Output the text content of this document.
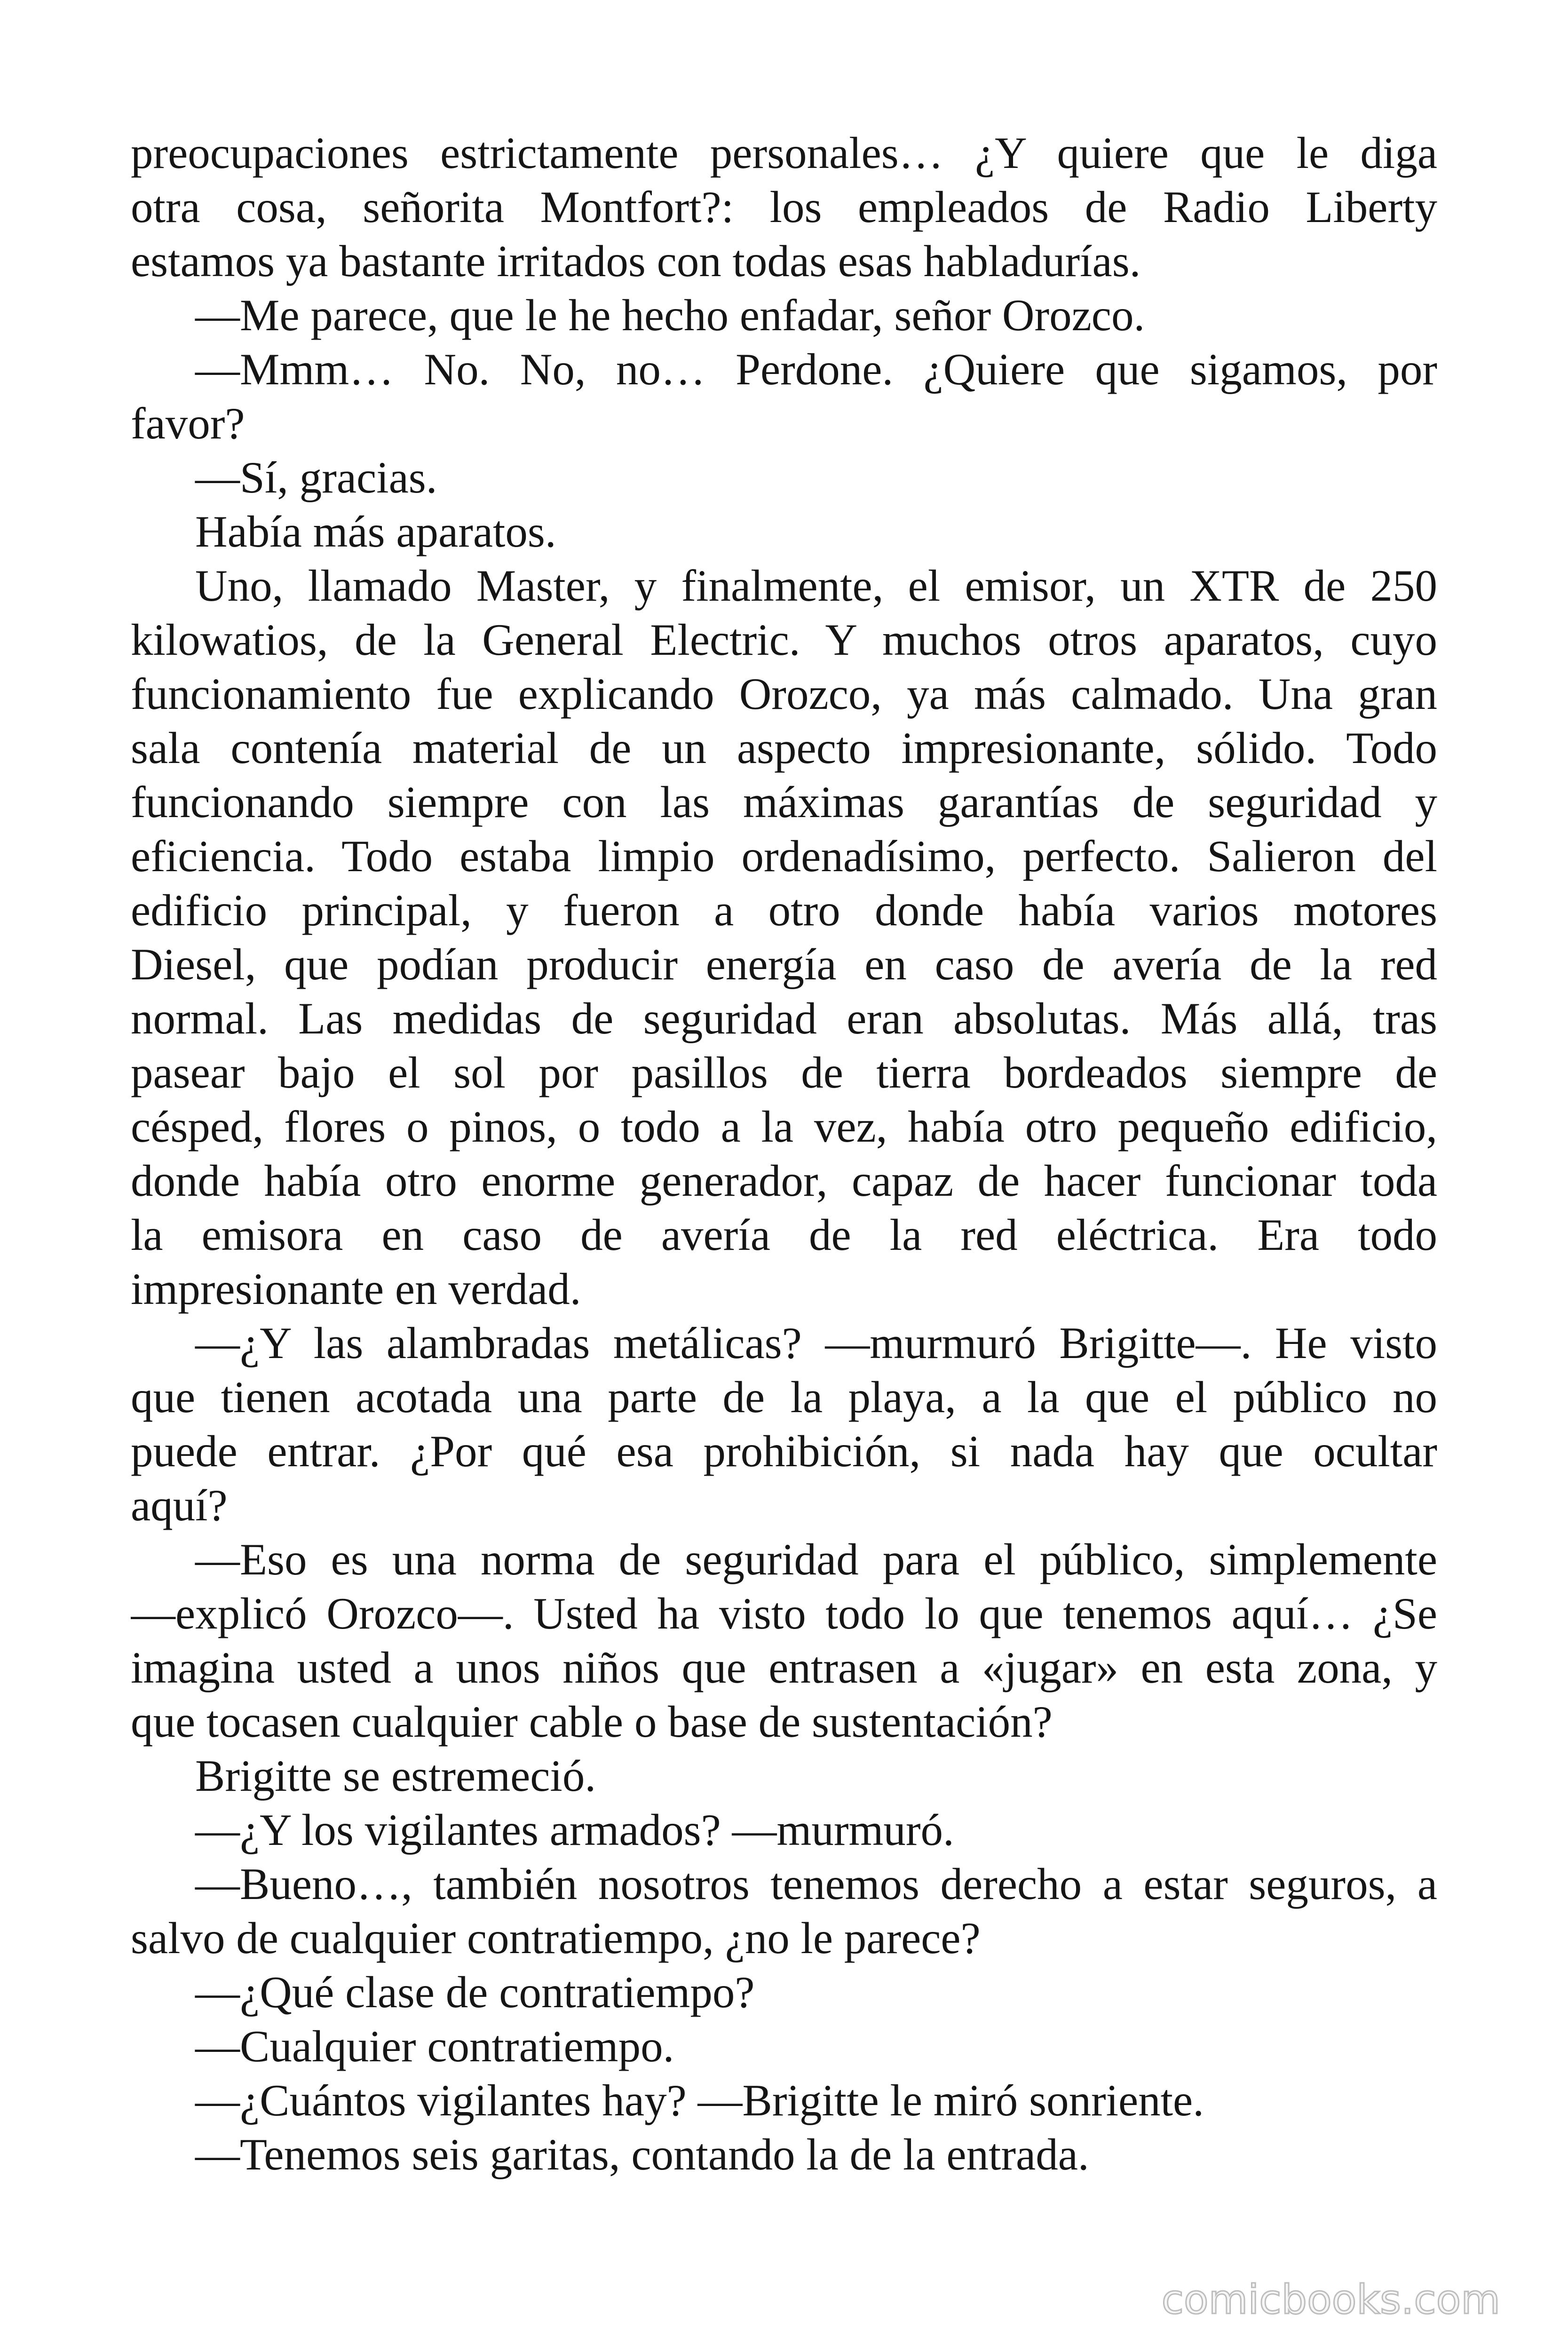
preocupaciones estrictamente personales… ¿Y quiere que le diga
otra cosa, señorita Montfort?: los empleados de Radio Liberty
estamos ya bastante irritados con todas esas habladurías.
—Me parece, que le he hecho enfadar, señor Orozco.
—Mmm… No. No, no… Perdone. ¿Quiere que sigamos, por
favor?
—Sí, gracias.
Había más aparatos.
Uno, llamado Master, y finalmente, el emisor, un XTR de 250
kilowatios, de la General Electric. Y muchos otros aparatos, cuyo
funcionamiento fue explicando Orozco, ya más calmado. Una gran
sala contenía material de un aspecto impresionante, sólido. Todo
funcionando siempre con las máximas garantías de seguridad y
eficiencia. Todo estaba limpio ordenadísimo, perfecto. Salieron del
edificio principal, y fueron a otro donde había varios motores
Diesel, que podían producir energía en caso de avería de la red
normal. Las medidas de seguridad eran absolutas. Más allá, tras
pasear bajo el sol por pasillos de tierra bordeados siempre de
césped, flores o pinos, o todo a la vez, había otro pequeño edificio,
donde había otro enorme generador, capaz de hacer funcionar toda
la emisora en caso de avería de la red eléctrica. Era todo
impresionante en verdad.
—¿Y las alambradas metálicas? —murmuró Brigitte—. He visto
que tienen acotada una parte de la playa, a la que el público no
puede entrar. ¿Por qué esa prohibición, si nada hay que ocultar
aquí?
—Eso es una norma de seguridad para el público, simplemente
—explicó Orozco—. Usted ha visto todo lo que tenemos aquí… ¿Se
imagina usted a unos niños que entrasen a «jugar» en esta zona, y
que tocasen cualquier cable o base de sustentación?
Brigitte se estremeció.
—¿Y los vigilantes armados? —murmuró.
—Bueno…, también nosotros tenemos derecho a estar seguros, a
salvo de cualquier contratiempo, ¿no le parece?
—¿Qué clase de contratiempo?
—Cualquier contratiempo.
—¿Cuántos vigilantes hay? —Brigitte le miró sonriente.
—Tenemos seis garitas, contando la de la entrada.
comicbooks.com
